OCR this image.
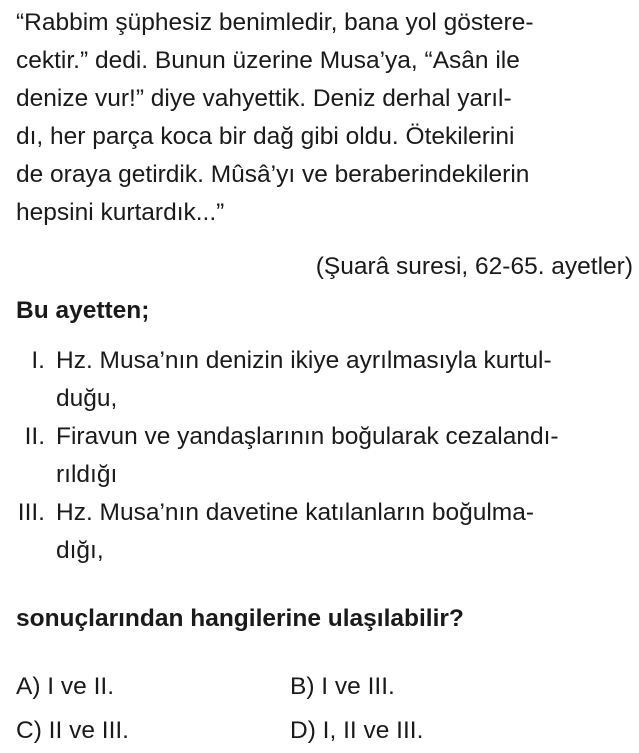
“Rabbim şüphesiz benimledir, bana yol göstere-
cektir.” dedi. Bunun üzerine Musa’ya, “Asân ile
denize vur!” diye vahyettik. Deniz derhal yarıl-
dı, her parça koca bir dağ gibi oldu. Ötekilerini
de oraya getirdik. Mûsâ’yı ve beraberindekilerin
hepsini kurtardık...”
(Şuarâ suresi, 62-65. ayetler)
Bu ayetten;
I. Hz. Musa’nın denizin ikiye ayrılmasıyla kurtul-
duğu,
II. Firavun ve yandaşlarının boğularak cezalandı-
rıldığı
III. Hz. Musa’nın davetine katılanların boğulma-
dığı,
sonuçlarından hangilerine ulaşılabilir?
A) I ve II.	B) I ve III.
C) II ve III.	D) I, II ve III.
